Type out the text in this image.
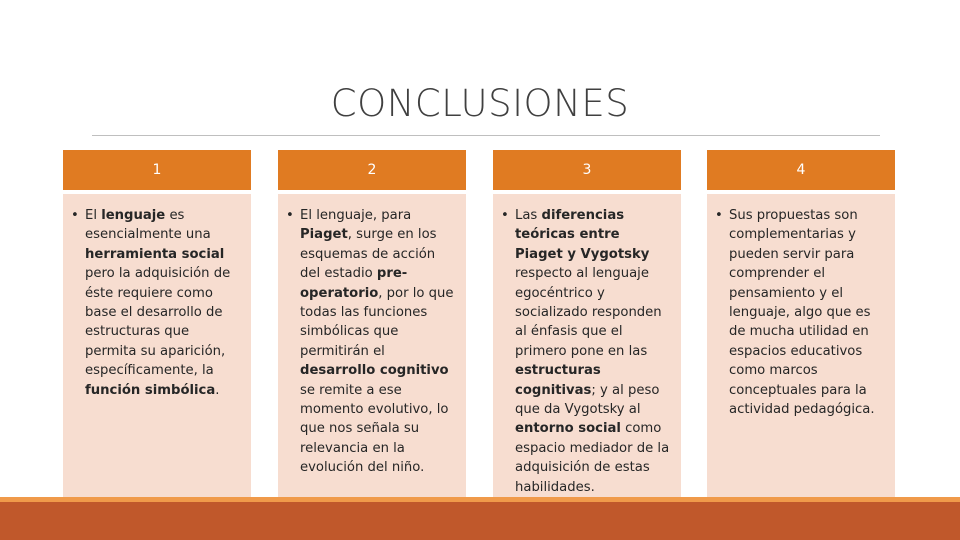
CONCLUSIONES
1

• El lenguaje es esencialmente una herramienta social pero la adquisición de éste requiere como base el desarrollo de estructuras que permita su aparición, específicamente, la función simbólica.

2

• El lenguaje, para Piaget, surge en los esquemas de acción del estadio pre-operatorio, por lo que todas las funciones simbólicas que permitirán el desarrollo cognitivo se remite a ese momento evolutivo, lo que nos señala su relevancia en la evolución del niño.

3

• Las diferencias teóricas entre Piaget y Vygotsky respecto al lenguaje egocéntrico y socializado responden al énfasis que el primero pone en las estructuras cognitivas; y al peso que da Vygotsky al entorno social como espacio mediador de la adquisición de estas habilidades.

4

• Sus propuestas son complementarias y pueden servir para comprender el pensamiento y el lenguaje, algo que es de mucha utilidad en espacios educativos como marcos conceptuales para la actividad pedagógica.
